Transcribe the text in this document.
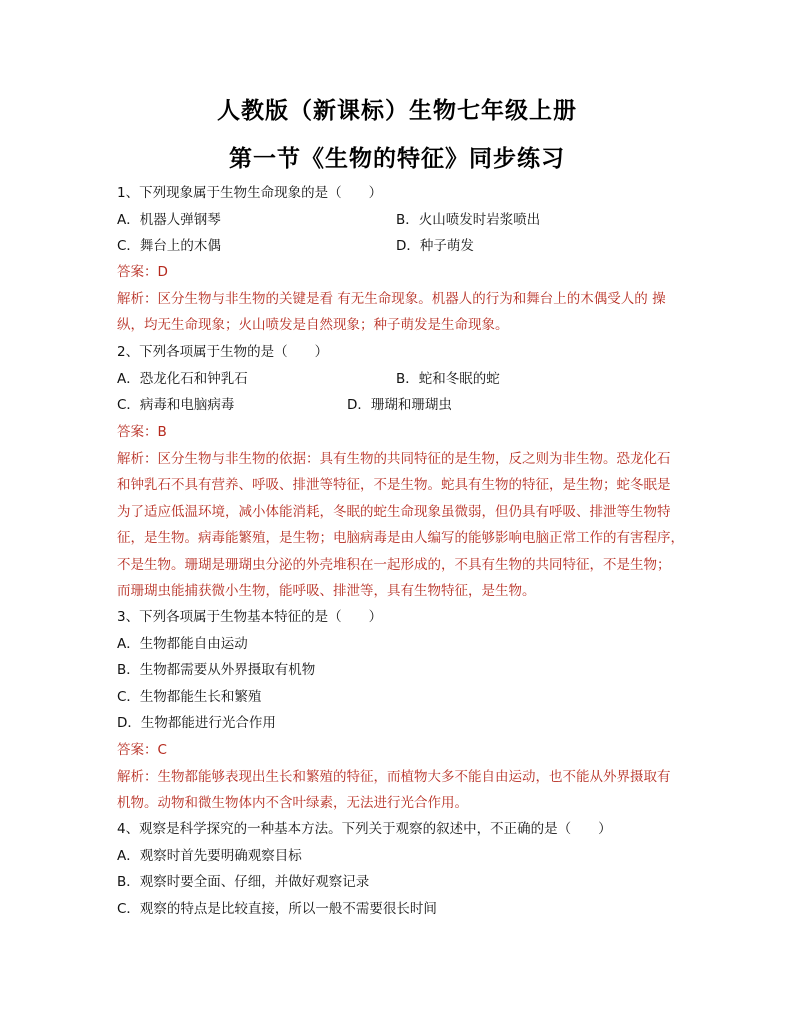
人教版（新课标）生物七年级上册
第一节《生物的特征》同步练习
1、下列现象属于生物生命现象的是（　　）
A．机器人弹钢琴	B．火山喷发时岩浆喷出
C．舞台上的木偶	D．种子萌发
答案：D
解析：区分生物与非生物的关键是看 有无生命现象。机器人的行为和舞台上的木偶受人的 操
纵，均无生命现象；火山喷发是自然现象；种子萌发是生命现象。
2、下列各项属于生物的是（　　）
A．恐龙化石和钟乳石	B．蛇和冬眠的蛇
C．病毒和电脑病毒	D．珊瑚和珊瑚虫
答案：B
解析：区分生物与非生物的依据：具有生物的共同特征的是生物，反之则为非生物。恐龙化石
和钟乳石不具有营养、呼吸、排泄等特征，不是生物。蛇具有生物的特征，是生物；蛇冬眠是
为了适应低温环境，减小体能消耗，冬眠的蛇生命现象虽微弱，但仍具有呼吸、排泄等生物特
征，是生物。病毒能繁殖，是生物；电脑病毒是由人编写的能够影响电脑正常工作的有害程序，
不是生物。珊瑚是珊瑚虫分泌的外壳堆积在一起形成的，不具有生物的共同特征，不是生物；
而珊瑚虫能捕获微小生物，能呼吸、排泄等，具有生物特征，是生物。
3、下列各项属于生物基本特征的是（　　）
A．生物都能自由运动
B．生物都需要从外界摄取有机物
C．生物都能生长和繁殖
D．生物都能进行光合作用
答案：C
解析：生物都能够表现出生长和繁殖的特征，而植物大多不能自由运动，也不能从外界摄取有
机物。动物和微生物体内不含叶绿素，无法进行光合作用。
4、观察是科学探究的一种基本方法。下列关于观察的叙述中，不正确的是（　　）
A．观察时首先要明确观察目标
B．观察时要全面、仔细，并做好观察记录
C．观察的特点是比较直接，所以一般不需要很长时间
